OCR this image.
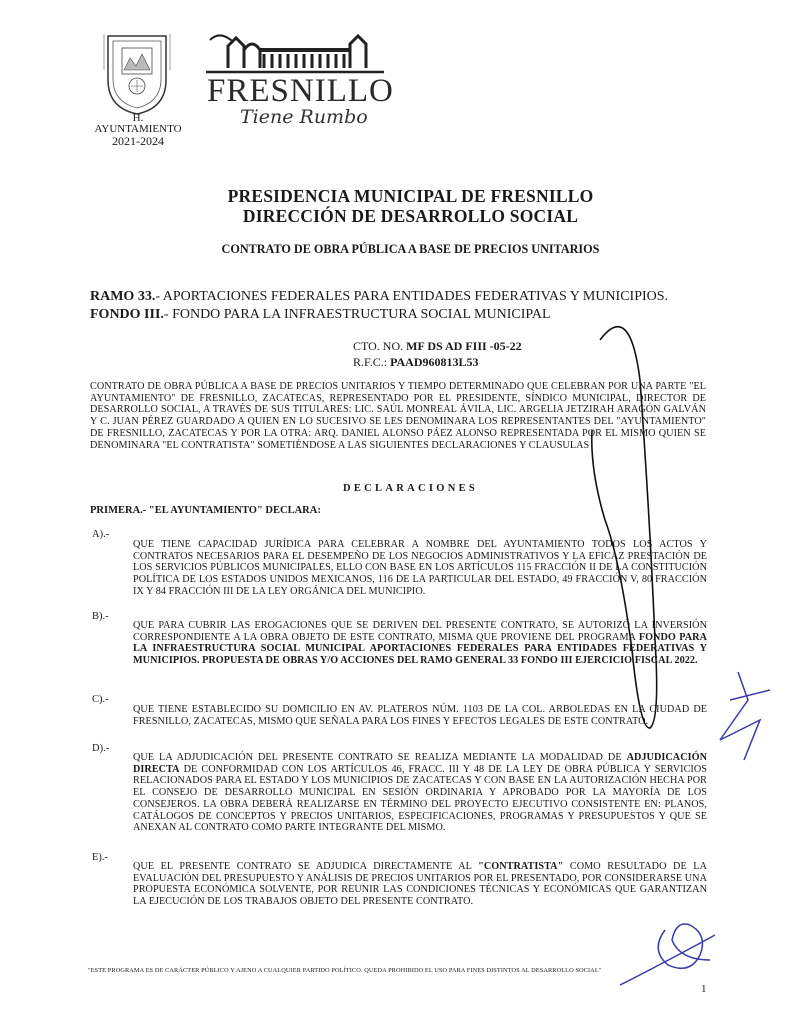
H. AYUNTAMIENTO
2021-2024
FRESNILLO
Tiene Rumbo
PRESIDENCIA MUNICIPAL DE FRESNILLO
DIRECCIÓN DE DESARROLLO SOCIAL
CONTRATO DE OBRA PÚBLICA A BASE DE PRECIOS UNITARIOS
RAMO 33.- APORTACIONES FEDERALES PARA ENTIDADES FEDERATIVAS Y MUNICIPIOS.
FONDO III.- FONDO PARA LA INFRAESTRUCTURA SOCIAL MUNICIPAL
CTO. NO. MF DS AD FIII -05-22
R.F.C.: PAAD960813L53
CONTRATO DE OBRA PÚBLICA A BASE DE PRECIOS UNITARIOS Y TIEMPO DETERMINADO QUE CELEBRAN POR UNA PARTE "EL AYUNTAMIENTO" DE FRESNILLO, ZACATECAS, REPRESENTADO POR EL PRESIDENTE, SÍNDICO MUNICIPAL, DIRECTOR DE DESARROLLO SOCIAL, A TRAVÉS DE SUS TITULARES: LIC. SAÚL MONREAL ÁVILA, LIC. ARGELIA JETZIRAH ARAGÓN GALVÁN Y C. JUAN PÉREZ GUARDADO A QUIEN EN LO SUCESIVO SE LES DENOMINARA LOS REPRESENTANTES DEL "AYUNTAMIENTO" DE FRESNILLO, ZACATECAS Y POR LA OTRA: ARQ. DANIEL ALONSO PÁEZ ALONSO REPRESENTADA POR EL MISMO QUIEN SE DENOMINARA "EL CONTRATISTA" SOMETIÉNDOSE A LAS SIGUIENTES DECLARACIONES Y CLAUSULAS
DECLARACIONES
PRIMERA.- "EL AYUNTAMIENTO" DECLARA:
A).-
QUE TIENE CAPACIDAD JURÍDICA PARA CELEBRAR A NOMBRE DEL AYUNTAMIENTO TODOS LOS ACTOS Y CONTRATOS NECESARIOS PARA EL DESEMPEÑO DE LOS NEGOCIOS ADMINISTRATIVOS Y LA EFICAZ PRESTACIÓN DE LOS SERVICIOS PÚBLICOS MUNICIPALES, ELLO CON BASE EN LOS ARTÍCULOS 115 FRACCIÓN II DE LA CONSTITUCIÓN POLÍTICA DE LOS ESTADOS UNIDOS MEXICANOS, 116 DE LA PARTICULAR DEL ESTADO, 49 FRACCIÓN V, 80 FRACCIÓN IX Y 84 FRACCIÓN III DE LA LEY ORGÁNICA DEL MUNICIPIO.
B).-
QUE PARA CUBRIR LAS EROGACIONES QUE SE DERIVEN DEL PRESENTE CONTRATO, SE AUTORIZÓ LA INVERSIÓN CORRESPONDIENTE A LA OBRA OBJETO DE ESTE CONTRATO, MISMA QUE PROVIENE DEL PROGRAMA FONDO PARA LA INFRAESTRUCTURA SOCIAL MUNICIPAL APORTACIONES FEDERALES PARA ENTIDADES FEDERATIVAS Y MUNICIPIOS. PROPUESTA DE OBRAS Y/O ACCIONES DEL RAMO GENERAL 33 FONDO III EJERCICIO FISCAL 2022.
C).-
QUE TIENE ESTABLECIDO SU DOMICILIO EN AV. PLATEROS NÚM. 1103 DE LA COL. ARBOLEDAS EN LA CIUDAD DE FRESNILLO, ZACATECAS, MISMO QUE SEÑALA PARA LOS FINES Y EFECTOS LEGALES DE ESTE CONTRATO.
D).-
QUE LA ADJUDICACIÓN DEL PRESENTE CONTRATO SE REALIZA MEDIANTE LA MODALIDAD DE ADJUDICACIÓN DIRECTA DE CONFORMIDAD CON LOS ARTÍCULOS 46, FRACC. III Y 48 DE LA LEY DE OBRA PÚBLICA Y SERVICIOS RELACIONADOS PARA EL ESTADO Y LOS MUNICIPIOS DE ZACATECAS Y CON BASE EN LA AUTORIZACIÓN HECHA POR EL CONSEJO DE DESARROLLO MUNICIPAL EN SESIÓN ORDINARIA Y APROBADO POR LA MAYORÍA DE LOS CONSEJEROS. LA OBRA DEBERÁ REALIZARSE EN TÉRMINO DEL PROYECTO EJECUTIVO CONSISTENTE EN: PLANOS, CATÁLOGOS DE CONCEPTOS Y PRECIOS UNITARIOS, ESPECIFICACIONES, PROGRAMAS Y PRESUPUESTOS Y QUE SE ANEXAN AL CONTRATO COMO PARTE INTEGRANTE DEL MISMO.
E).-
QUE EL PRESENTE CONTRATO SE ADJUDICA DIRECTAMENTE AL "CONTRATISTA" COMO RESULTADO DE LA EVALUACIÓN DEL PRESUPUESTO Y ANÁLISIS DE PRECIOS UNITARIOS POR EL PRESENTADO, POR CONSIDERARSE UNA PROPUESTA ECONÓMICA SOLVENTE, POR REUNIR LAS CONDICIONES TÉCNICAS Y ECONÓMICAS QUE GARANTIZAN LA EJECUCIÓN DE LOS TRABAJOS OBJETO DEL PRESENTE CONTRATO.
"ESTE PROGRAMA ES DE CARÁCTER PÚBLICO Y AJENO A CUALQUIER PARTIDO POLÍTICO. QUEDA PROHIBIDO EL USO PARA FINES DISTINTOS AL DESARROLLO SOCIAL"
1
